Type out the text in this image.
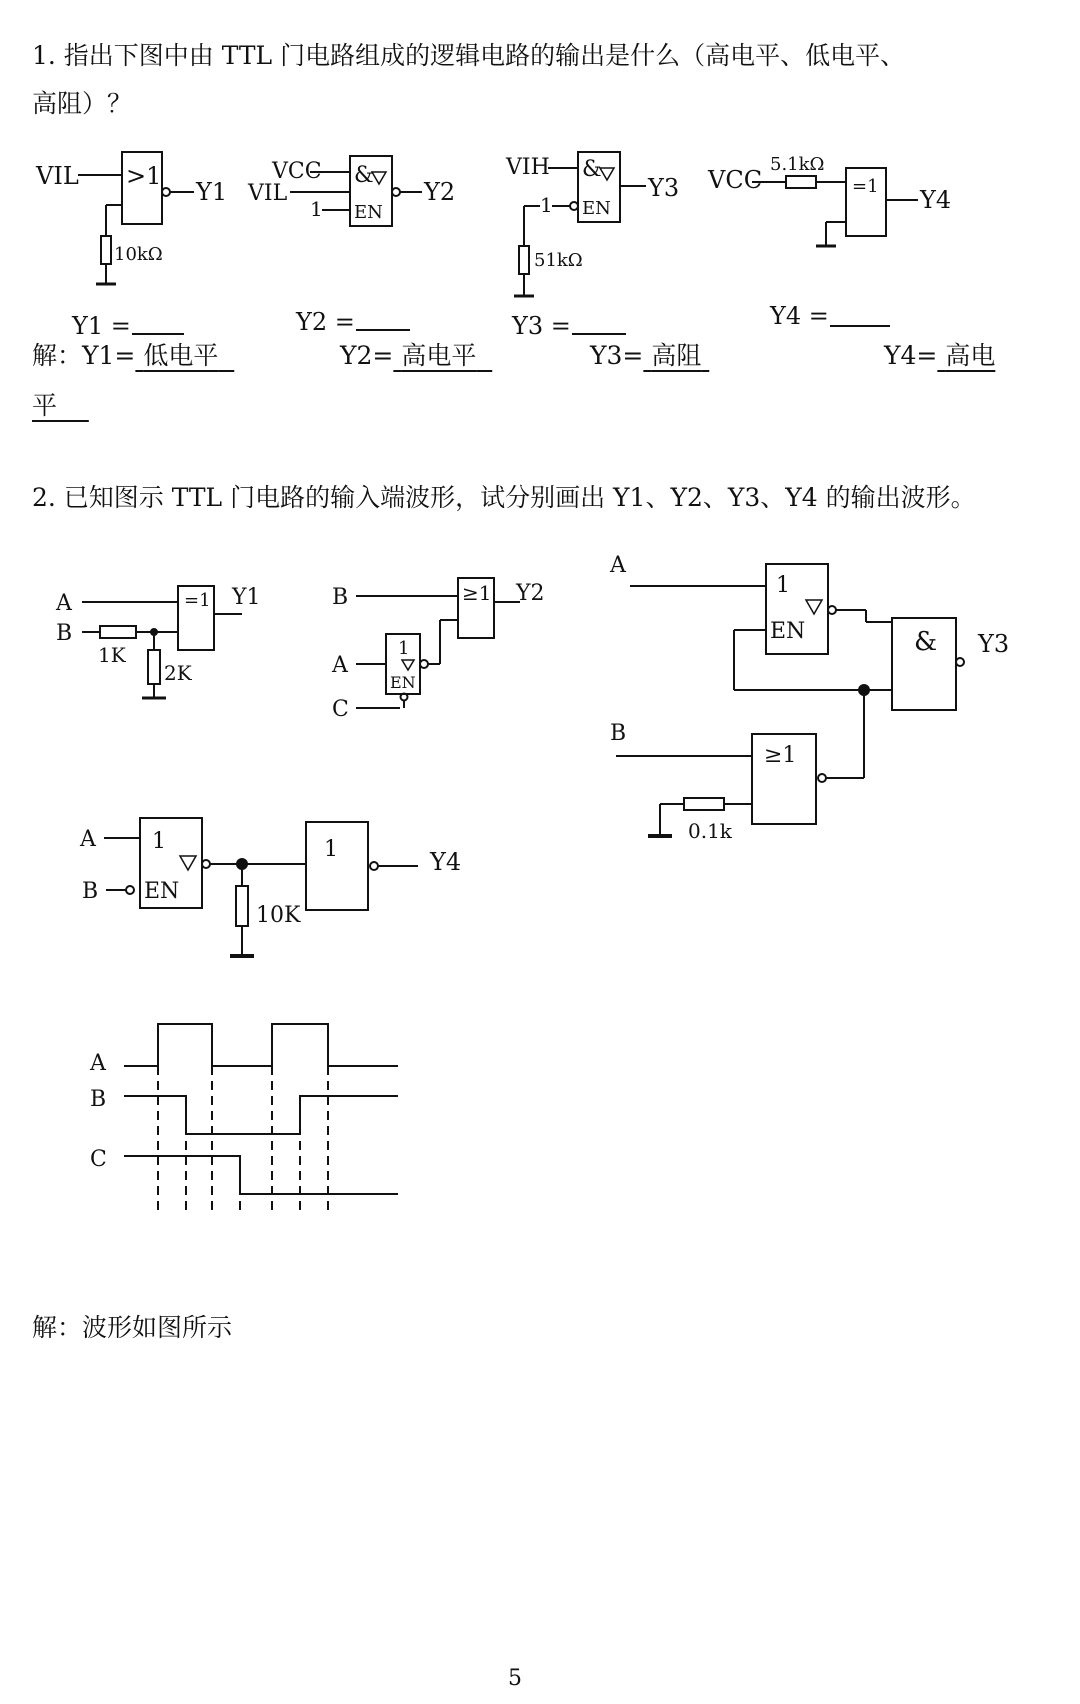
1. 指出下图中由 TTL 门电路组成的逻辑电路的输出是什么（高电平、低电平、
高阻）？
解：Y1= 低电平	Y2= 高电平	Y3= 高阻	Y4= 高电
平
2. 已知图示 TTL 门电路的输入端波形，试分别画出 Y1、Y2、Y3、Y4 的输出波形。
解：波形如图所示
5
VIL >1
Y1
10kΩ
Y1 =
VCC
VIL
&
1 EN
Y2
Y2 =
VIH &
1 EN
51kΩ
Y3
Y3 =
VCC
5.1kΩ
=1 Y4
Y4 =
A
B
1K
2K
=1 Y1	B	≥1 Y2
1
EN
A
C
A
1
EN	& Y3
B
≥1
0.1k
A
B
1
EN
10K
1	Y4
A
B
C
